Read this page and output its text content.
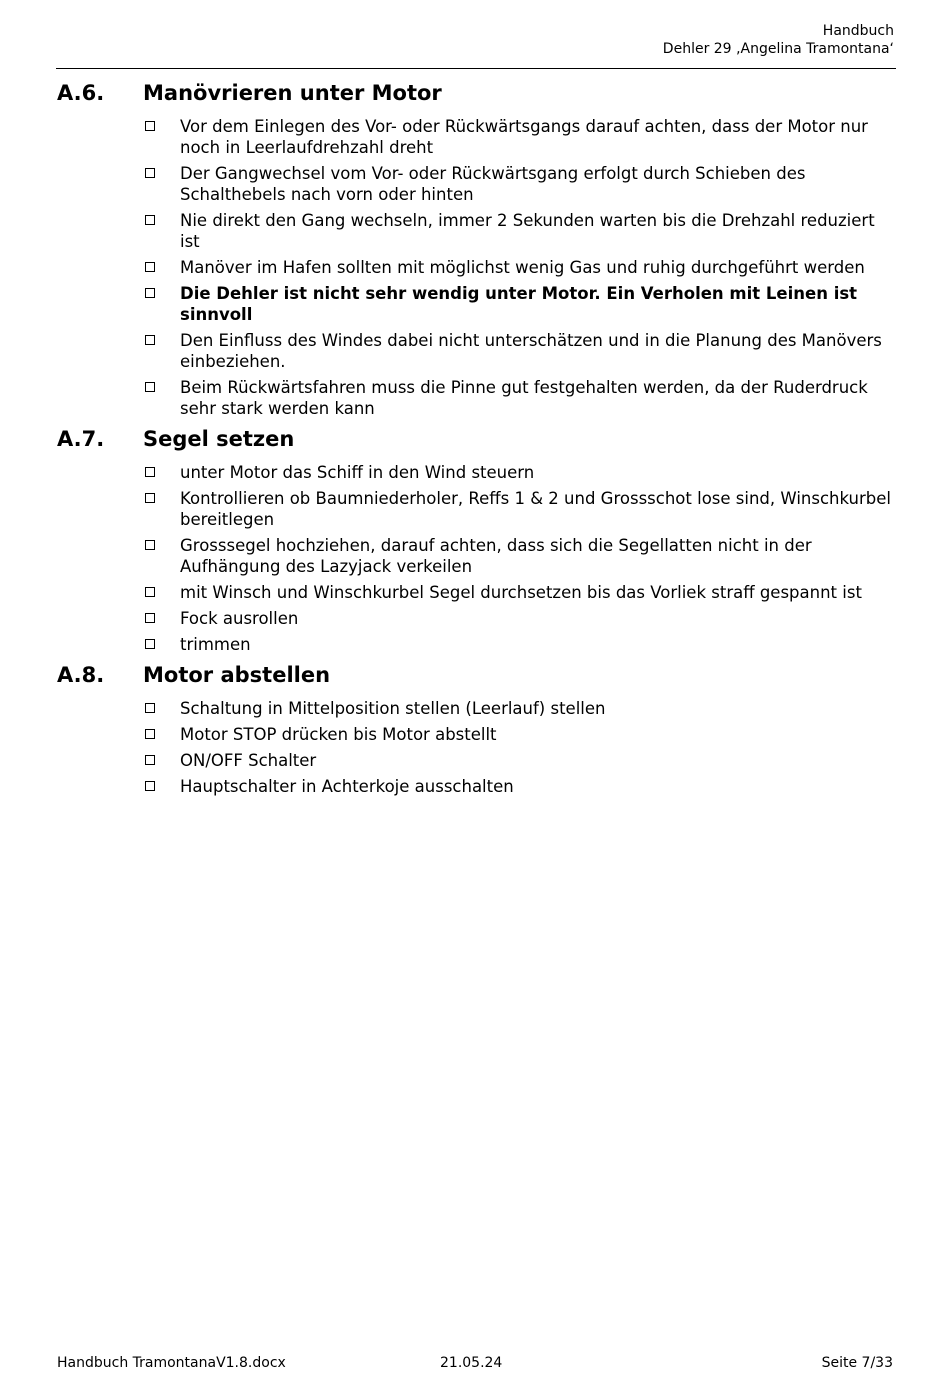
Handbuch
Dehler 29 ‚Angelina Tramontana‘
A.6.	Manövrieren unter Motor
Vor dem Einlegen des Vor- oder Rückwärtsgangs darauf achten, dass der Motor nur noch in Leerlaufdrehzahl dreht
Der Gangwechsel vom Vor- oder Rückwärtsgang erfolgt durch Schieben des Schalthebels nach vorn oder hinten
Nie direkt den Gang wechseln, immer 2 Sekunden warten bis die Drehzahl reduziert ist
Manöver im Hafen sollten mit möglichst wenig Gas und ruhig durchgeführt werden
Die Dehler ist nicht sehr wendig unter Motor. Ein Verholen mit Leinen ist sinnvoll
Den Einfluss des Windes dabei nicht unterschätzen und in die Planung des Manövers einbeziehen.
Beim Rückwärtsfahren muss die Pinne gut festgehalten werden, da der Ruderdruck sehr stark werden kann
A.7.	Segel setzen
unter Motor das Schiff in den Wind steuern
Kontrollieren ob Baumniederholer, Reffs 1 & 2 und Grossschot lose sind, Winschkurbel bereitlegen
Grosssegel hochziehen, darauf achten, dass sich die Segellatten nicht in der Aufhängung des Lazyjack verkeilen
mit Winsch und Winschkurbel Segel durchsetzen bis das Vorliek straff gespannt ist
Fock ausrollen
trimmen
A.8.	Motor abstellen
Schaltung in Mittelposition stellen (Leerlauf) stellen
Motor STOP drücken bis Motor abstellt
ON/OFF Schalter
Hauptschalter in Achterkoje ausschalten
Handbuch TramontanaV1.8.docx	21.05.24	Seite 7/33
